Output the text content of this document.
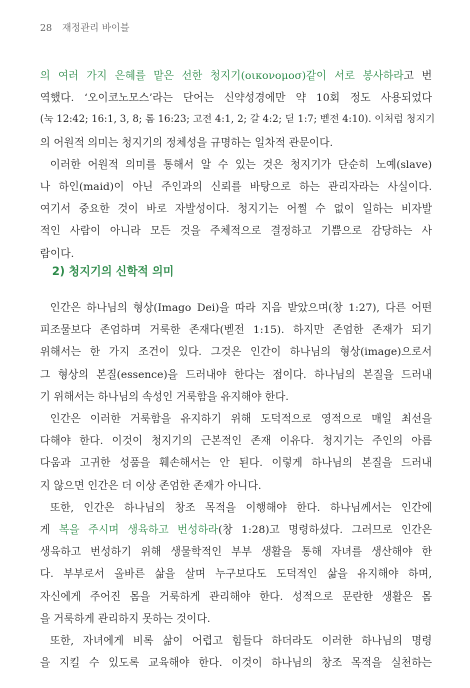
28 재정관리 바이블
의 여러 가지 은혜를 맡은 선한 청지기(οικονομοσ)같이 서로 봉사하라고 번
역했다. ‘오이코노모스’라는 단어는 신약성경에만 약 10회 정도 사용되었다
(눅 12:42; 16:1, 3, 8; 롬 16:23; 고전 4:1, 2; 갈 4:2; 딛 1:7; 벧전 4:10). 이처럼 청지기
의 어원적 의미는 청지기의 정체성을 규명하는 일차적 관문이다.
이러한 어원적 의미를 통해서 알 수 있는 것은 청지기가 단순히 노예(slave)
나 하인(maid)이 아닌 주인과의 신뢰를 바탕으로 하는 관리자라는 사실이다.
여기서 중요한 것이 바로 자발성이다. 청지기는 어쩔 수 없이 일하는 비자발
적인 사람이 아니라 모든 것을 주체적으로 결정하고 기쁨으로 감당하는 사
람이다.
2) 청지기의 신학적 의미
인간은 하나님의 형상(Imago Dei)을 따라 지음 받았으며(창 1:27), 다른 어떤
피조물보다 존엄하며 거룩한 존재다(벧전 1:15). 하지만 존엄한 존재가 되기
위해서는 한 가지 조건이 있다. 그것은 인간이 하나님의 형상(image)으로서
그 형상의 본질(essence)을 드러내야 한다는 점이다. 하나님의 본질을 드러내
기 위해서는 하나님의 속성인 거룩함을 유지해야 한다.
인간은 이러한 거룩함을 유지하기 위해 도덕적으로 영적으로 매일 최선을
다해야 한다. 이것이 청지기의 근본적인 존재 이유다. 청지기는 주인의 아름
다움과 고귀한 성품을 훼손해서는 안 된다. 이렇게 하나님의 본질을 드러내
지 않으면 인간은 더 이상 존엄한 존재가 아니다.
또한, 인간은 하나님의 창조 목적을 이행해야 한다. 하나님께서는 인간에
게 복을 주시며 생육하고 번성하라(창 1:28)고 명령하셨다. 그러므로 인간은
생육하고 번성하기 위해 생물학적인 부부 생활을 통해 자녀를 생산해야 한
다. 부부로서 올바른 삶을 살며 누구보다도 도덕적인 삶을 유지해야 하며,
자신에게 주어진 몸을 거룩하게 관리해야 한다. 성적으로 문란한 생활은 몸
을 거룩하게 관리하지 못하는 것이다.
또한, 자녀에게 비록 삶이 어렵고 힘들다 하더라도 이러한 하나님의 명령
을 지킬 수 있도록 교육해야 한다. 이것이 하나님의 창조 목적을 실천하는
